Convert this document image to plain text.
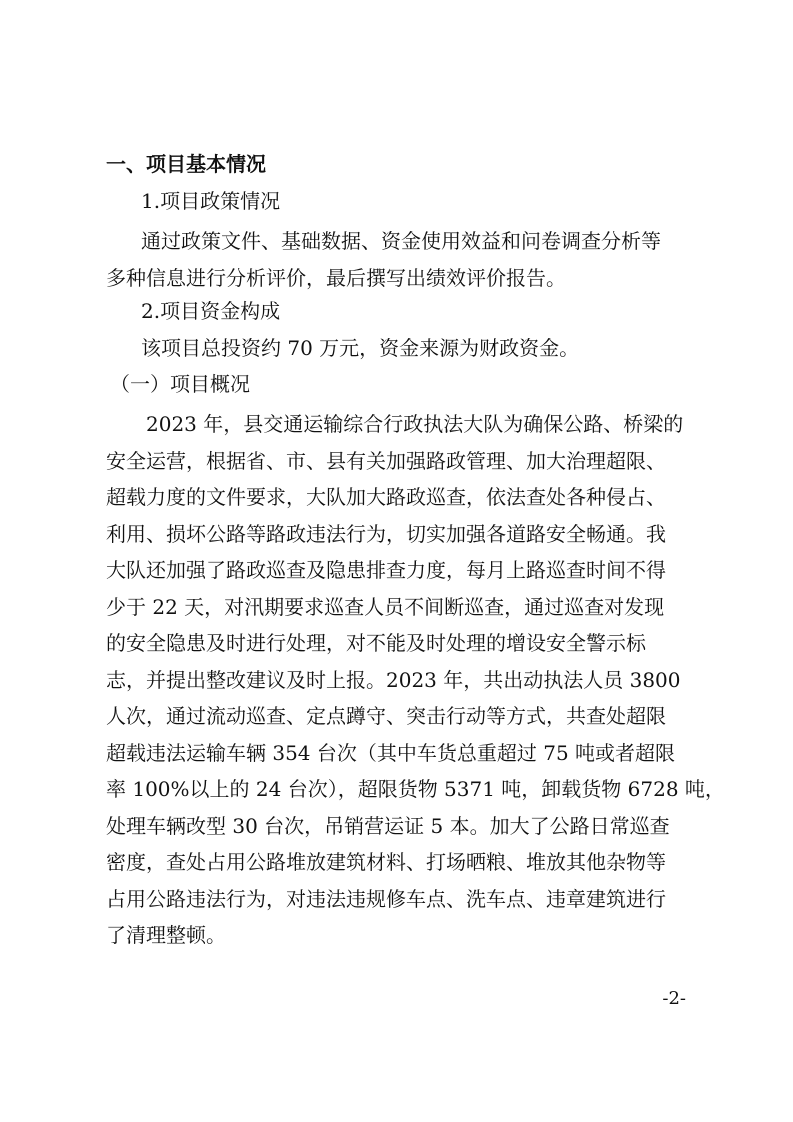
一、项目基本情况
1.项目政策情况
通过政策文件、基础数据、资金使用效益和问卷调查分析等
多种信息进行分析评价，最后撰写出绩效评价报告。
2.项目资金构成
该项目总投资约 70 万元，资金来源为财政资金。
（一）项目概况
2023 年，县交通运输综合行政执法大队为确保公路、桥梁的
安全运营，根据省、市、县有关加强路政管理、加大治理超限、
超载力度的文件要求，大队加大路政巡查，依法查处各种侵占、
利用、损坏公路等路政违法行为，切实加强各道路安全畅通。我
大队还加强了路政巡查及隐患排查力度，每月上路巡查时间不得
少于 22 天，对汛期要求巡查人员不间断巡查，通过巡查对发现
的安全隐患及时进行处理，对不能及时处理的增设安全警示标
志，并提出整改建议及时上报。2023 年，共出动执法人员 3800
人次，通过流动巡查、定点蹲守、突击行动等方式，共查处超限
超载违法运输车辆 354 台次（其中车货总重超过 75 吨或者超限
率 100%以上的 24 台次），超限货物 5371 吨，卸载货物 6728 吨，
处理车辆改型 30 台次，吊销营运证 5 本。加大了公路日常巡查
密度，查处占用公路堆放建筑材料、打场晒粮、堆放其他杂物等
占用公路违法行为，对违法违规修车点、洗车点、违章建筑进行
了清理整顿。
-2-
